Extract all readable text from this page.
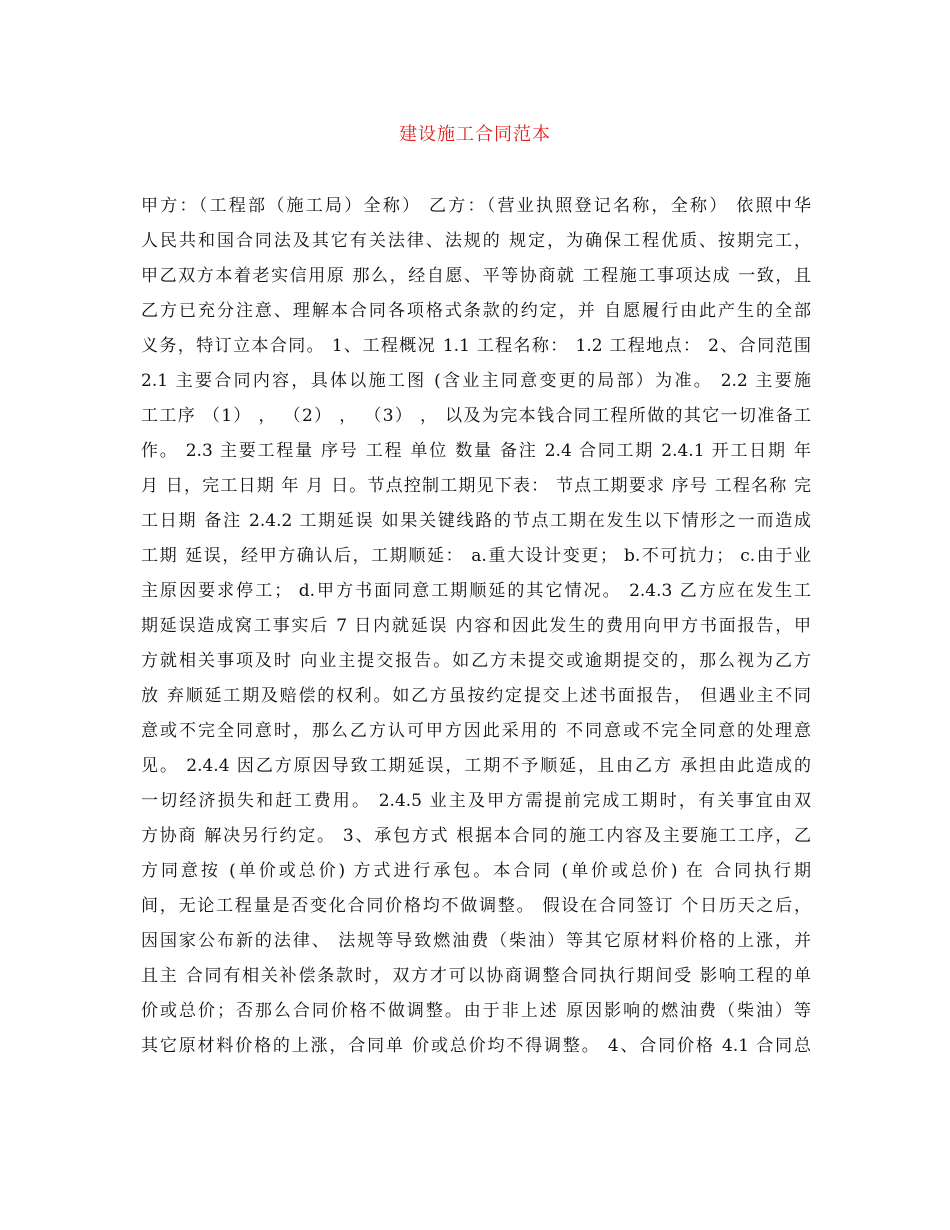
建设施工合同范本
甲方：（工程部（施工局）全称） 乙方：（营业执照登记名称，全称） 依照中华
人民共和国合同法及其它有关法律、法规的 规定，为确保工程优质、按期完工，
甲乙双方本着老实信用原 那么，经自愿、平等协商就 工程施工事项达成 一致，且
乙方已充分注意、理解本合同各项格式条款的约定，并 自愿履行由此产生的全部
义务，特订立本合同。 1、工程概况 1.1 工程名称： 1.2 工程地点： 2、合同范围
2.1 主要合同内容，具体以施工图 (含业主同意变更的局部）为准。 2.2 主要施
工工序 （1） ， （2） ， （3） ， 以及为完本钱合同工程所做的其它一切准备工
作。 2.3 主要工程量 序号 工程 单位 数量 备注 2.4 合同工期 2.4.1 开工日期 年
月 日，完工日期 年 月 日。节点控制工期见下表： 节点工期要求 序号 工程名称 完
工日期 备注 2.4.2 工期延误 如果关键线路的节点工期在发生以下情形之一而造成
工期 延误，经甲方确认后，工期顺延： a.重大设计变更； b.不可抗力； c.由于业
主原因要求停工； d.甲方书面同意工期顺延的其它情况。 2.4.3 乙方应在发生工
期延误造成窝工事实后 7 日内就延误 内容和因此发生的费用向甲方书面报告，甲
方就相关事项及时 向业主提交报告。如乙方未提交或逾期提交的，那么视为乙方
放 弃顺延工期及赔偿的权利。如乙方虽按约定提交上述书面报告， 但遇业主不同
意或不完全同意时，那么乙方认可甲方因此采用的 不同意或不完全同意的处理意
见。 2.4.4 因乙方原因导致工期延误，工期不予顺延，且由乙方 承担由此造成的
一切经济损失和赶工费用。 2.4.5 业主及甲方需提前完成工期时，有关事宜由双
方协商 解决另行约定。 3、承包方式 根据本合同的施工内容及主要施工工序，乙
方同意按 (单价或总价) 方式进行承包。本合同 (单价或总价) 在 合同执行期
间，无论工程量是否变化合同价格均不做调整。 假设在合同签订 个日历天之后，
因国家公布新的法律、 法规等导致燃油费（柴油）等其它原材料价格的上涨，并
且主 合同有相关补偿条款时，双方才可以协商调整合同执行期间受 影响工程的单
价或总价；否那么合同价格不做调整。由于非上述 原因影响的燃油费（柴油）等
其它原材料价格的上涨，合同单 价或总价均不得调整。 4、合同价格 4.1 合同总
